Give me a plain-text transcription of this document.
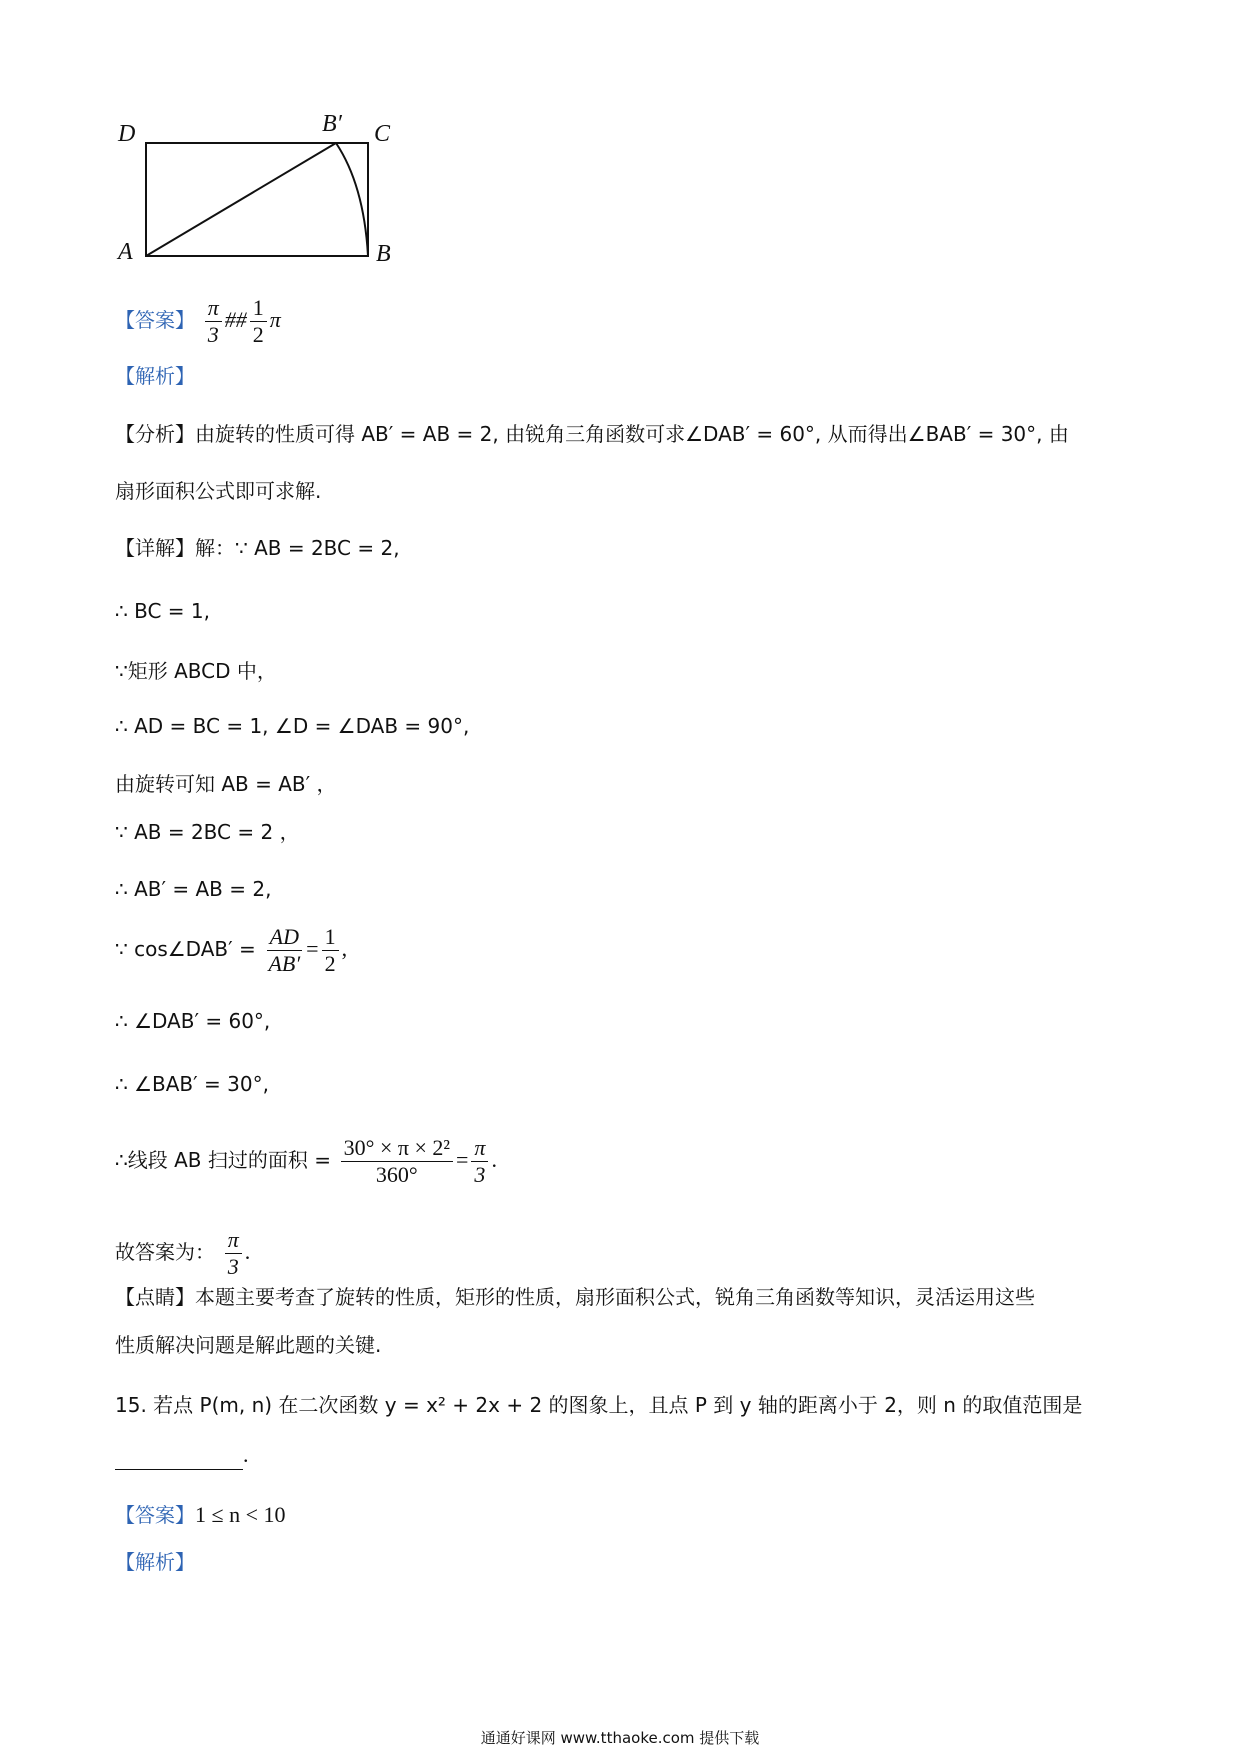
D	B′ C
A	B
【答案】 $\frac{\pi}{3}$ ## $\frac{1}{2}$ π
【解析】
【分析】由旋转的性质可得 AB′ = AB = 2, 由锐角三角函数可求∠DAB′ = 60°, 从而得出∠BAB′ = 30°, 由
扇形面积公式即可求解.
【详解】解：∵ AB = 2BC = 2,
∴ BC = 1,
∵矩形 ABCD 中，
∴ AD = BC = 1, ∠D = ∠DAB = 90°,
由旋转可知 AB = AB′ ，
∵ AB = 2BC = 2 ，
∴ AB′ = AB = 2,
∵ cos∠DAB′ = $\frac{AD}{AB'} = \frac{1}{2}$ ,
∴ ∠DAB′ = 60°,
∴ ∠BAB′ = 30°,
∴线段 AB 扫过的面积 = $\frac{\text{30° × π × 2²}}{360^\circ} = \frac{\pi}{3}$ .
故答案为： $\frac{\pi}{3}$ .
【点睛】本题主要考查了旋转的性质，矩形的性质，扇形面积公式，锐角三角函数等知识，灵活运用这些
性质解决问题是解此题的关键.
15. 若点 P(m, n) 在二次函数 y = x² + 2x + 2 的图象上，且点 P 到 y 轴的距离小于 2，则 n 的取值范围是
.
【答案】1 ≤ n < 10
【解析】
通通好课网 www.tthaoke.com 提供下载
